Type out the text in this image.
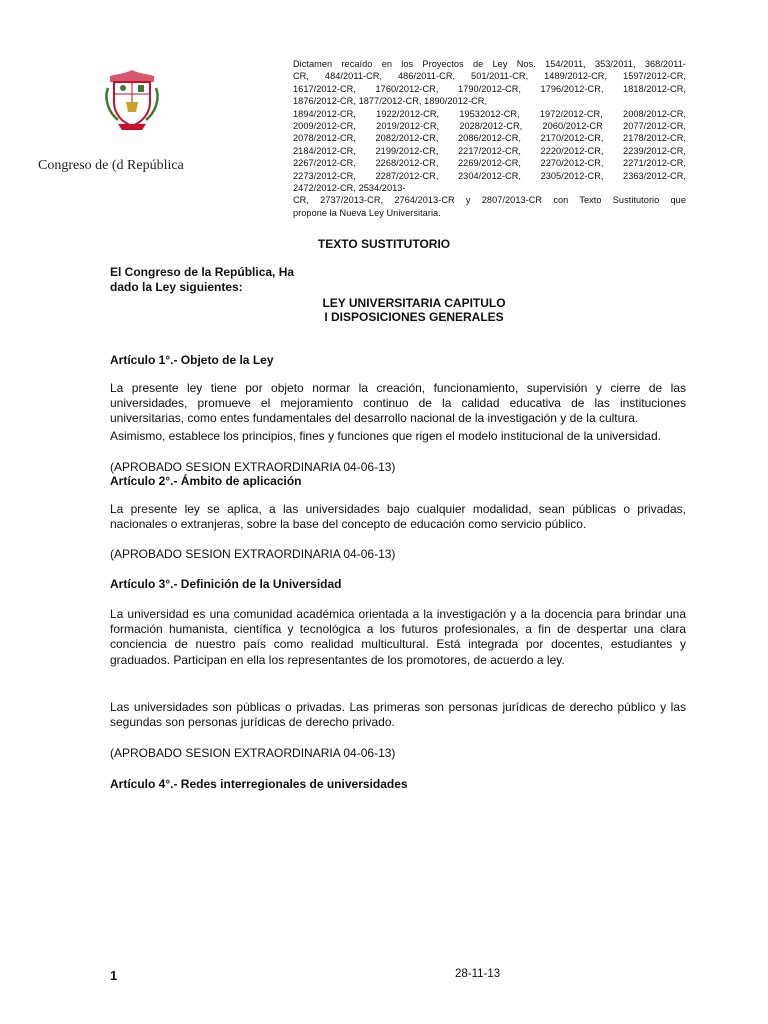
Congreso de (d República
Dictamen recaído en los Proyectos de Ley Nos. 154/2011, 353/2011, 368/2011-
CR, 484/2011-CR, 486/2011-CR, 501/2011-CR, 1489/2012-CR, 1597/2012-CR,
1617/2012-CR, 1760/2012-CR, 1790/2012-CR, 1796/2012-CR, 1818/2012-CR,
1876/2012-CR, 1877/2012-CR, 1890/2012-CR,
1894/2012-CR, 1922/2012-CR, 19532012-CR, 1972/2012-CR, 2008/2012-CR,
2009/2012-CR, 2019/2012-CR, 2028/2012-CR, 2060/2012-CR 2077/2012-CR,
2078/2012-CR, 2082/2012-CR, 2086/2012-CR, 2170/2012-CR, 2178/2012-CR,
2184/2012-CR, 2199/2012-CR, 2217/2012-CR, 2220/2012-CR, 2239/2012-CR,
2267/2012-CR, 2268/2012-CR, 2269/2012-CR, 2270/2012-CR, 2271/2012-CR,
2273/2012-CR, 2287/2012-CR, 2304/2012-CR, 2305/2012-CR, 2363/2012-CR,
2472/2012-CR, 2534/2013-
CR, 2737/2013-CR, 2764/2013-CR y 2807/2013-CR con Texto Sustitutorio que
propone la Nueva Ley Universitaria.
TEXTO SUSTITUTORIO
El Congreso de la República, Ha
dado la Ley siguientes:
LEY UNIVERSITARIA CAPITULO
I DISPOSICIONES GENERALES
Artículo 1°.- Objeto de la Ley
La presente ley tiene por objeto normar la creación, funcionamiento, supervisión y cierre de las universidades, promueve el mejoramiento continuo de la calidad educativa de las instituciones universitarias, como entes fundamentales del desarrollo nacional de la investigación y de la cultura.
Asimismo, establece los principios, fines y funciones que rigen el modelo institucional de la universidad.
(APROBADO SESION EXTRAORDINARIA 04-06-13)
Artículo 2°.- Ámbito de aplicación
La presente ley se aplica, a las universidades bajo cualquier modalidad, sean públicas o privadas, nacionales o extranjeras, sobre la base del concepto de educación como servicio público.
(APROBADO SESION EXTRAORDINARIA 04-06-13)
Artículo 3°.- Definición de la Universidad
La universidad es una comunidad académica orientada a la investigación y a la docencia para brindar una formación humanista, científica y tecnológica a los futuros profesionales, a fin de despertar una clara conciencia de nuestro país como realidad multicultural. Está integrada por docentes, estudiantes y graduados. Participan en ella los representantes de los promotores, de acuerdo a ley.
Las universidades son públicas o privadas. Las primeras son personas jurídicas de derecho público y las segundas son personas jurídicas de derecho privado.
(APROBADO SESION EXTRAORDINARIA 04-06-13)
Artículo 4°.- Redes interregionales de universidades
1	28-11-13
